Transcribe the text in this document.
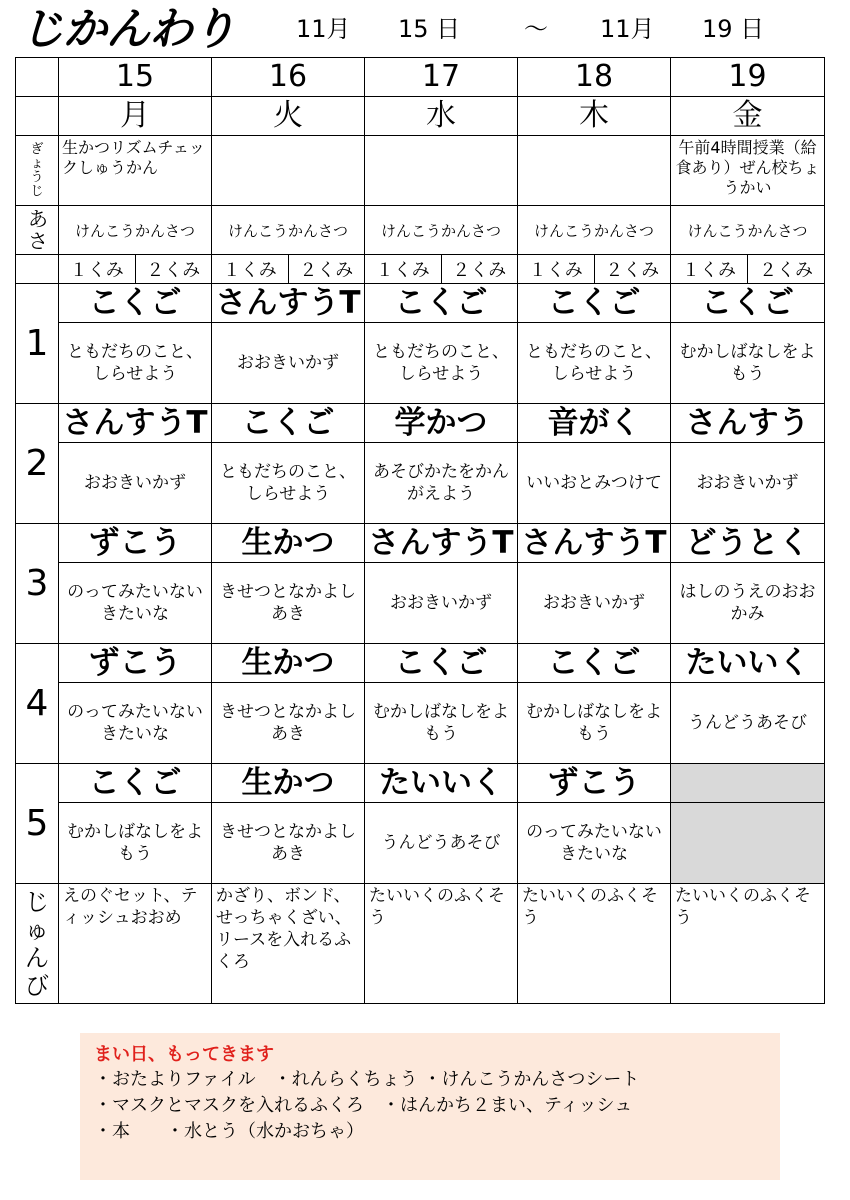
じかんわり	11月 15 日	～ 11月 19 日
	15	16	17	18	19
	月	火	水	木	金
ぎょうじ	生かつリズムチェックしゅうかん				午前4時間授業（給食あり）ぜん校ちょうかい
あさ	けんこうかんさつ	けんこうかんさつ	けんこうかんさつ	けんこうかんさつ	けんこうかんさつ

１くみ ２くみ	１くみ ２くみ	１くみ ２くみ	１くみ ２くみ	１くみ ２くみ

1	こくご	さんすうT	こくご	こくご	こくご
	ともだちのこと、しらせよう	おおきいかず	ともだちのこと、しらせよう	ともだちのこと、しらせよう	むかしばなしをよもう
2	さんすうT	こくご	学かつ	音がく	さんすう
	おおきいかず	ともだちのこと、しらせよう	あそびかたをかんがえよう	いいおとみつけて	おおきいかず
3	ずこう	生かつ	さんすうT	さんすうT	どうとく
	のってみたいないきたいな	きせつとなかよし　あき	おおきいかず	おおきいかず	はしのうえのおおかみ
4	ずこう	生かつ	こくご	こくご	たいいく
	のってみたいないきたいな	きせつとなかよし　あき	むかしばなしをよもう	むかしばなしをよもう	うんどうあそび
5	こくご	生かつ	たいいく	ずこう	
	むかしばなしをよもう	きせつとなかよし　あき	うんどうあそび	のってみたいないきたいな	
じゅんび	えのぐセット、ティッシュおおめ	かざり、ボンド、せっちゃくざい、リースを入れるふくろ	たいいくのふくそう	たいいくのふくそう	たいいくのふくそう
まい日、もってきます
・おたよりファイル　・れんらくちょう ・けんこうかんさつシート
・マスクとマスクを入れるふくろ　・はんかち２まい、ティッシュ
・本　　・水とう（水かおちゃ）
